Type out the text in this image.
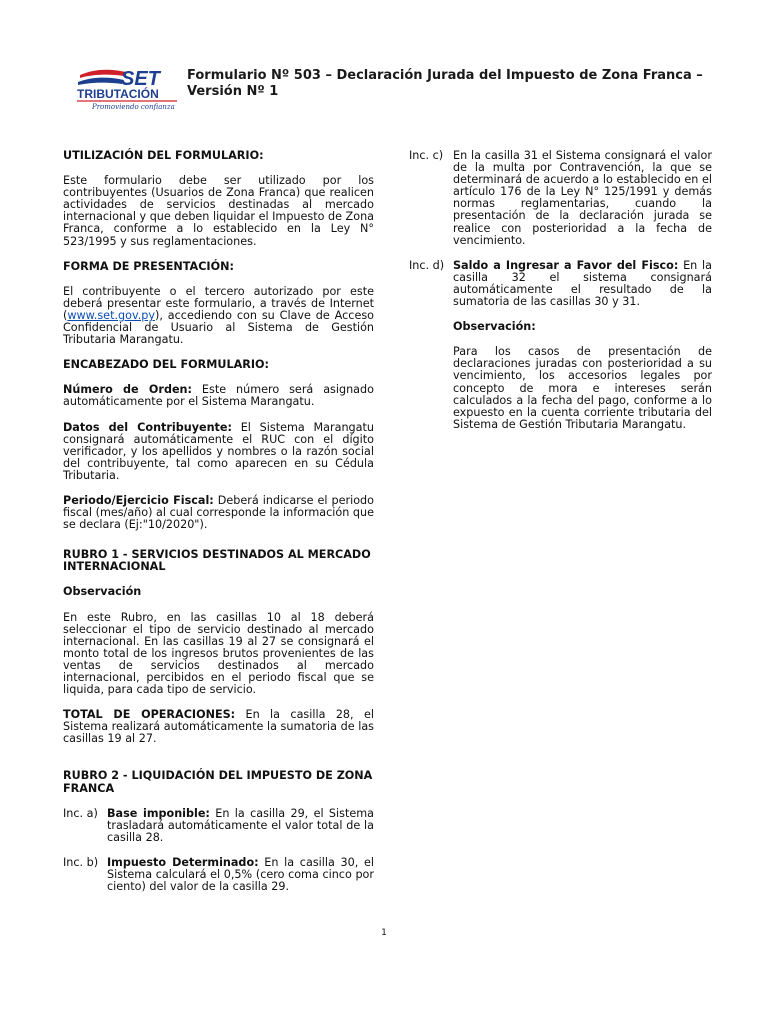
SET
TRIBUTACIÓN
Promoviendo confianza
Formulario Nº 503 – Declaración Jurada del Impuesto de Zona Franca – Versión Nº 1

UTILIZACIÓN DEL FORMULARIO:

Este formulario debe ser utilizado por los contribuyentes (Usuarios de Zona Franca) que realicen actividades de servicios destinadas al mercado internacional y que deben liquidar el Impuesto de Zona Franca, conforme a lo establecido en la Ley N° 523/1995 y sus reglamentaciones.

FORMA DE PRESENTACIÓN:

El contribuyente o el tercero autorizado por este deberá presentar este formulario, a través de Internet (www.set.gov.py), accediendo con su Clave de Acceso Confidencial de Usuario al Sistema de Gestión Tributaria Marangatu.

ENCABEZADO DEL FORMULARIO:

Número de Orden: Este número será asignado automáticamente por el Sistema Marangatu.

Datos del Contribuyente: El Sistema Marangatu consignará automáticamente el RUC con el dígito verificador, y los apellidos y nombres o la razón social del contribuyente, tal como aparecen en su Cédula Tributaria.

Periodo/Ejercicio Fiscal: Deberá indicarse el periodo fiscal (mes/año) al cual corresponde la información que se declara (Ej:"10/2020").

RUBRO 1 - SERVICIOS DESTINADOS AL MERCADO INTERNACIONAL

Observación

En este Rubro, en las casillas 10 al 18 deberá seleccionar el tipo de servicio destinado al mercado internacional. En las casillas 19 al 27 se consignará el monto total de los ingresos brutos provenientes de las ventas de servicios destinados al mercado internacional, percibidos en el periodo fiscal que se liquida, para cada tipo de servicio.

TOTAL DE OPERACIONES: En la casilla 28, el Sistema realizará automáticamente la sumatoria de las casillas 19 al 27.

RUBRO 2 - LIQUIDACIÓN DEL IMPUESTO DE ZONA FRANCA

Inc. a) Base imponible: En la casilla 29, el Sistema trasladará automáticamente el valor total de la casilla 28.
Inc. b) Impuesto Determinado: En la casilla 30, el Sistema calculará el 0,5% (cero coma cinco por ciento) del valor de la casilla 29.
Inc. c) En la casilla 31 el Sistema consignará el valor de la multa por Contravención, la que se determinará de acuerdo a lo establecido en el artículo 176 de la Ley N° 125/1991 y demás normas reglamentarias, cuando la presentación de la declaración jurada se realice con posterioridad a la fecha de vencimiento.
Inc. d) Saldo a Ingresar a Favor del Fisco: En la casilla 32 el sistema consignará automáticamente el resultado de la sumatoria de las casillas 30 y 31.

Observación:

Para los casos de presentación de declaraciones juradas con posterioridad a su vencimiento, los accesorios legales por concepto de mora e intereses serán calculados a la fecha del pago, conforme a lo expuesto en la cuenta corriente tributaria del Sistema de Gestión Tributaria Marangatu.

1
